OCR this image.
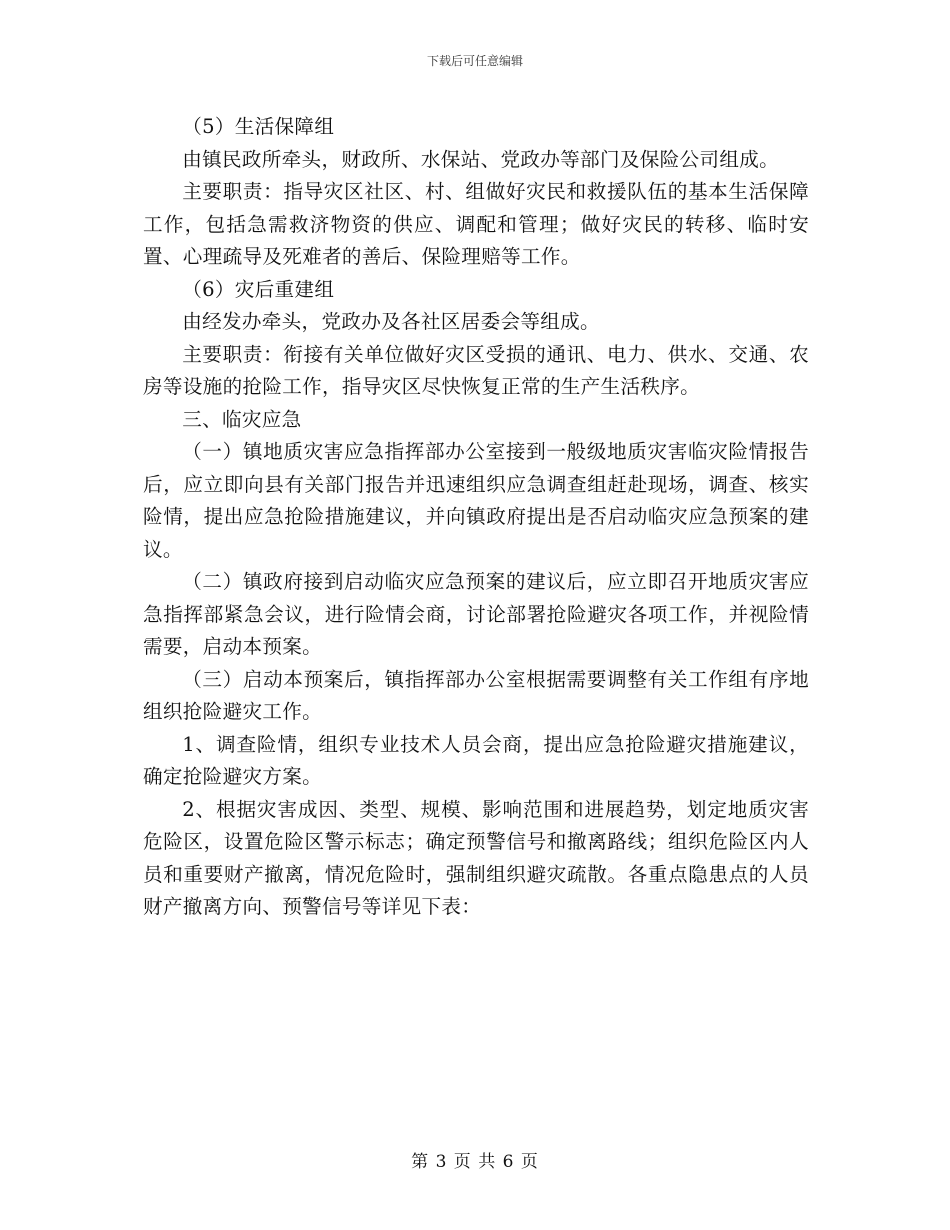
下载后可任意编辑

（5）生活保障组

由镇民政所牵头，财政所、水保站、党政办等部门及保险公司组成。

主要职责：指导灾区社区、村、组做好灾民和救援队伍的基本生活保障工作，包括急需救济物资的供应、调配和管理；做好灾民的转移、临时安置、心理疏导及死难者的善后、保险理赔等工作。

（6）灾后重建组

由经发办牵头，党政办及各社区居委会等组成。

主要职责：衔接有关单位做好灾区受损的通讯、电力、供水、交通、农房等设施的抢险工作，指导灾区尽快恢复正常的生产生活秩序。

三、临灾应急

（一）镇地质灾害应急指挥部办公室接到一般级地质灾害临灾险情报告后，应立即向县有关部门报告并迅速组织应急调查组赶赴现场，调查、核实险情，提出应急抢险措施建议，并向镇政府提出是否启动临灾应急预案的建议。

（二）镇政府接到启动临灾应急预案的建议后，应立即召开地质灾害应急指挥部紧急会议，进行险情会商，讨论部署抢险避灾各项工作，并视险情需要，启动本预案。

（三）启动本预案后，镇指挥部办公室根据需要调整有关工作组有序地组织抢险避灾工作。

1、调查险情，组织专业技术人员会商，提出应急抢险避灾措施建议，确定抢险避灾方案。

2、根据灾害成因、类型、规模、影响范围和进展趋势，划定地质灾害危险区，设置危险区警示标志；确定预警信号和撤离路线；组织危险区内人员和重要财产撤离，情况危险时，强制组织避灾疏散。各重点隐患点的人员财产撤离方向、预警信号等详见下表：

第 3 页 共 6 页
